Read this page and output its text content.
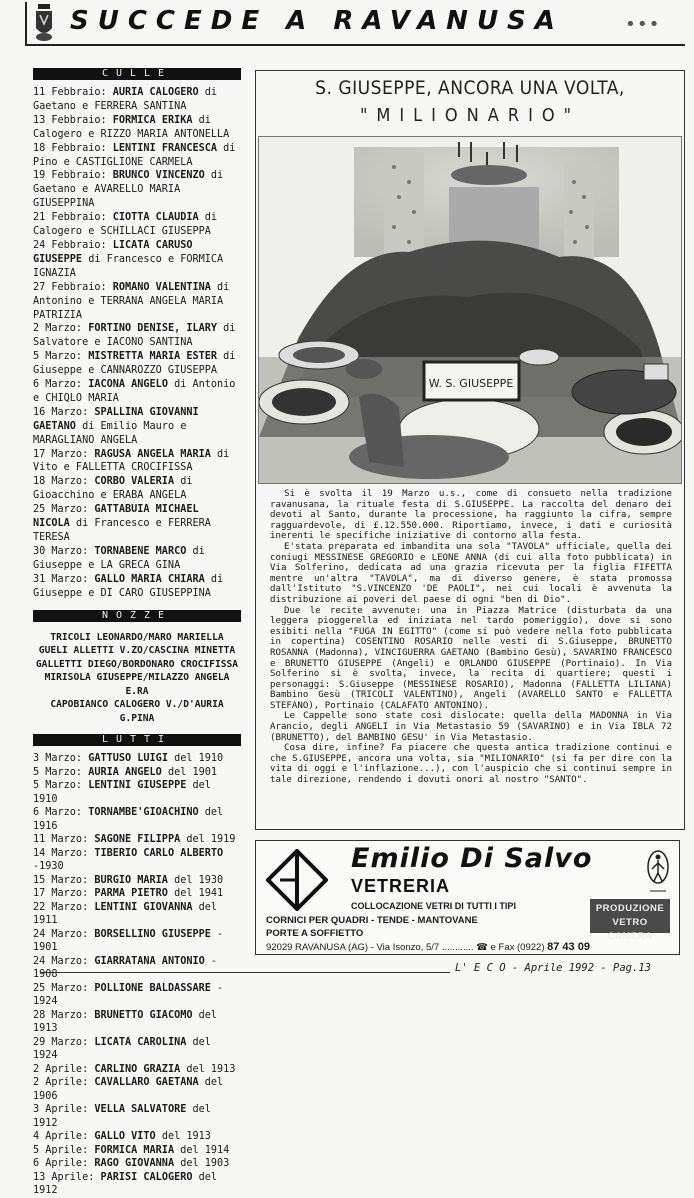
SUCCEDE A RAVANUSA	•••
CULLE
11 Febbraio: AURIA CALOGERO di Gaetano e FERRERA SANTINA
13 Febbraio: FORMICA ERIKA di Calogero e RIZZO MARIA ANTONELLA
18 Febbraio: LENTINI FRANCESCA di Pino e CASTIGLIONE CARMELA
19 Febbraio: BRUNCO VINCENZO di Gaetano e AVARELLO MARIA GIUSEPPINA
21 Febbraio: CIOTTA CLAUDIA di Calogero e SCHILLACI GIUSEPPA
24 Febbraio: LICATA CARUSO GIUSEPPE di Francesco e FORMICA IGNAZIA
27 Febbraio: ROMANO VALENTINA di Antonino e TERRANA ANGELA MARIA PATRIZIA
2 Marzo: FORTINO DENISE, ILARY di Salvatore e IACONO SANTINA
5 Marzo: MISTRETTA MARIA ESTER di Giuseppe e CANNAROZZO GIUSEPPA
6 Marzo: IACONA ANGELO di Antonio e CHIQLO MARIA
16 Marzo: SPALLINA GIOVANNI GAETANO di Emilio Mauro e MARAGLIANO ANGELA
17 Marzo: RAGUSA ANGELA MARIA di Vito e FALLETTA CROCIFISSA
18 Marzo: CORBO VALERIA di Gioacchino e ERABA ANGELA
25 Marzo: GATTABUIA MICHAEL NICOLA di Francesco e FERRERA TERESA
30 Marzo: TORNABENE MARCO di Giuseppe e LA GRECA GINA
31 Marzo: GALLO MARIA CHIARA di Giuseppe e DI CARO GIUSEPPINA
NOZZE
TRICOLI LEONARDO/MARO MARIELLA
GUELI ALLETTI V.ZO/CASCINA MINETTA
GALLETTI DIEGO/BORDONARO CROCIFISSA
MIRISOLA GIUSEPPE/MILAZZO ANGELA E.RA
CAPOBIANCO CALOGERO V./D'AURIA G.PINA
LUTTI
3 Marzo: GATTUSO LUIGI del 1910
5 Marzo: AURIA ANGELO del 1901
5 Marzo: LENTINI GIUSEPPE del 1910
6 Marzo: TORNAMBE'GIOACHINO del 1916
11 Marzo: SAGONE FILIPPA del 1919
14 Marzo: TIBERIO CARLO ALBERTO -1930
15 Marzo: BURGIO MARIA del 1930
17 Marzo: PARMA PIETRO del 1941
22 Marzo: LENTINI GIOVANNA del 1911
24 Marzo: BORSELLINO GIUSEPPE - 1901
24 Marzo: GIARRATANA ANTONIO - 1908
25 Marzo: POLLIONE BALDASSARE - 1924
28 Marzo: BRUNETTO GIACOMO del 1913
29 Marzo: LICATA CAROLINA del 1924
2 Aprile: CARLINO GRAZIA del 1913
2 Aprile: CAVALLARO GAETANA del 1906
3 Aprile: VELLA SALVATORE del 1912
4 Aprile: GALLO VITO del 1913
5 Aprile: FORMICA MARIA del 1914
6 Aprile: RAGO GIOVANNA del 1903
13 Aprile: PARISI CALOGERO del 1912
S. GIUSEPPE, ANCORA UNA VOLTA,
"MILIONARIO"
W. S. GIUSEPPE

Si è svolta il 19 Marzo u.s., come di consueto nella tradizione ravanusana, la rituale festa di S.GIUSEPPE. La raccolta del denaro dei devoti al Santo, durante la processione, ha raggiunto la cifra, sempre ragguardevole, di £.12.550.000. Riportiamo, invece, i dati e curiosità inerenti le specifiche iniziative di contorno alla festa.

E'stata preparata ed imbandita una sola "TAVOLA" ufficiale, quella dei coniugi MESSINESE GREGORIO e LEONE ANNA (di cui alla foto pubblicata) in Via Solferino, dedicata ad una grazia ricevuta per la figlia FIFETTA mentre un'altra "TAVOLA", ma di diverso genere, è stata promossa dall'Istituto "S.VINCENZO 'DE PAOLI", nei cui locali è avvenuta la distribuzione ai poveri del paese di ogni "ben di Dio".

Due le recite avvenute: una in Piazza Matrice (disturbata da una leggera pioggerella ed iniziata nel tardo pomeriggio), dove si sono esibiti nella "FUGA IN EGITTO" (come si può vedere nella foto pubblicata in copertina) COSENTINO ROSARIO nelle vesti di S.Giuseppe, BRUNETTO ROSANNA (Madonna), VINCIGUERRA GAETANO (Bambino Gesù), SAVARINO FRANCESCO e BRUNETTO GIUSEPPE (Angeli) e ORLANDO GIUSEPPE (Portinaio). In Via Solferino si è svolta, invece, la recita di quartiere; questi i personaggi: S.Giuseppe (MESSINESE ROSARIO), Madonna (FALLETTA LILIANA) Bambino Gesù (TRICOLI VALENTINO), Angeli (AVARELLO SANTO e FALLETTA STEFANO), Portinaio (CALAFATO ANTONINO).

Le Cappelle sono state così dislocate: quella della MADONNA in Via Arancio, degli ANGELI in Via Metastasio 59 (SAVARINO) e in Via IBLA 72 (BRUNETTO), del BAMBINO GESU' in Via Metastasio.

Cosa dire, infine? Fa piacere che questa antica tradizione continui e che S.GIUSEPPE, ancora una volta, sia "MILIONARIO" (si fa per dire con la vita di oggi e l'inflazione...), con l'auspicio che si continui sempre in tale direzione, rendendo i dovuti onori al nostro "SANTO".

Emilio Di Salvo
VETRERIA
COLLOCAZIONE VETRI DI TUTTI I TIPI
CORNICI PER QUADRI - TENDE - MANTOVANE
PORTE A SOFFIETTO
92029 RAVANUSA (AG) - Via Isonzo, 5/7 ............ ☎ e Fax (0922) 87 43 09
PRODUZIONE
VETRO CAMERA
L' E C O - Aprile 1992 - Pag.13
